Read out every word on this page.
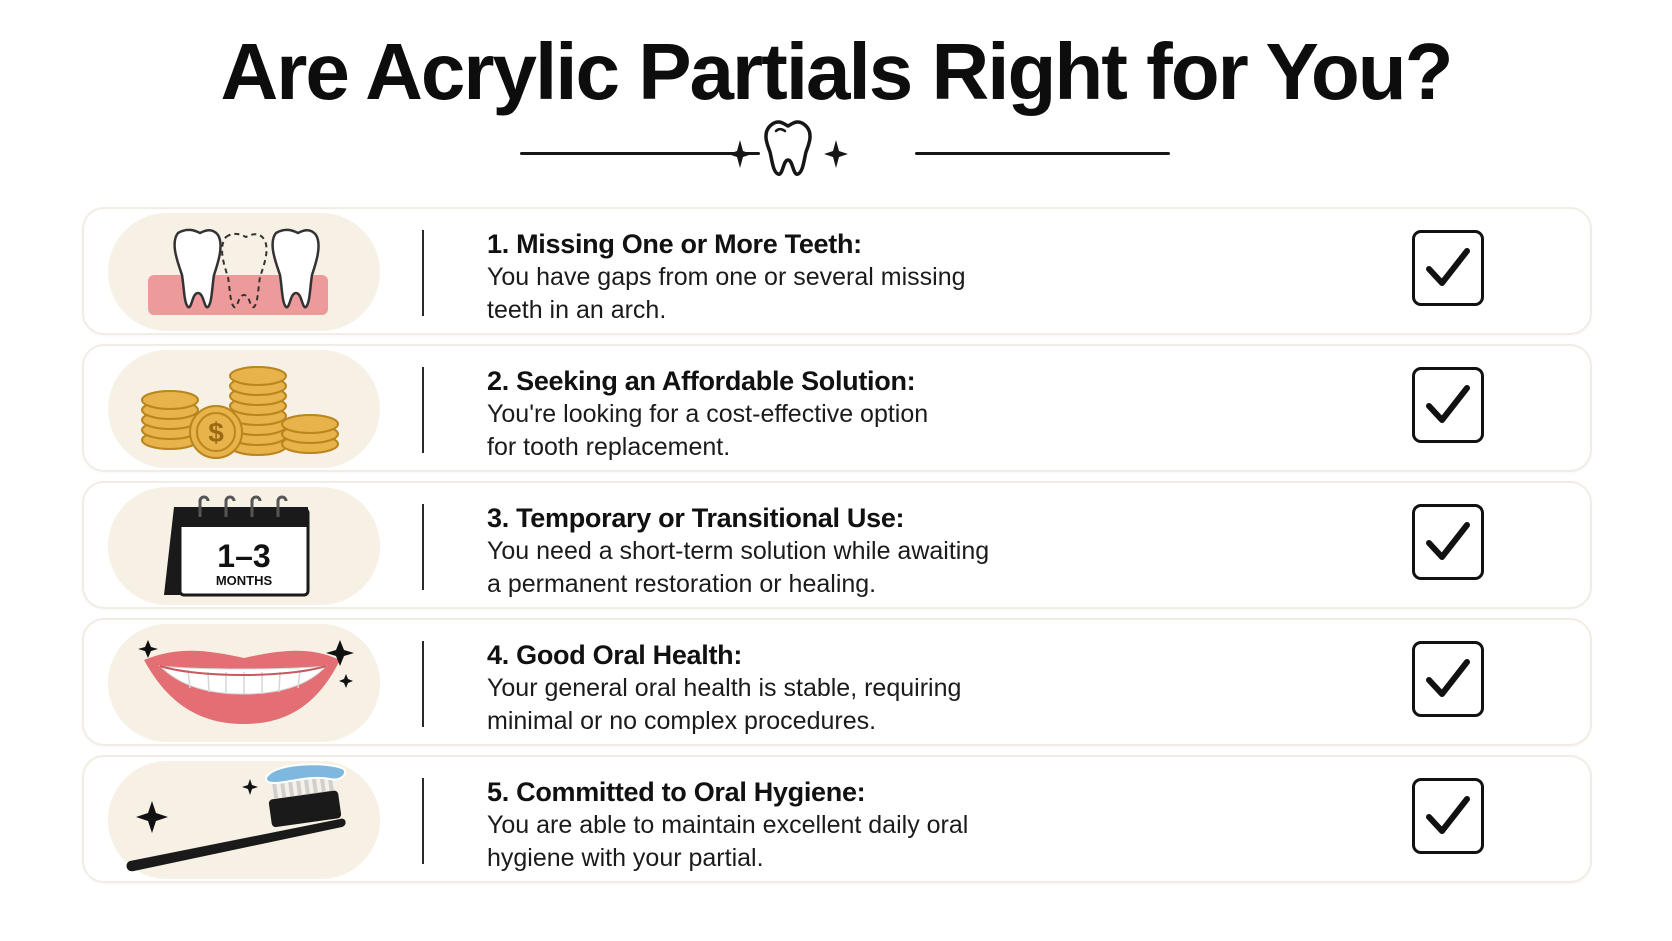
Are Acrylic Partials Right for You?

1. Missing One or More Teeth:

You have gaps from one or several missing

teeth in an arch.

$

2. Seeking an Affordable Solution:

You're looking for a cost-effective option

for tooth replacement.

1–3
MONTHS

3. Temporary or Transitional Use:

You need a short-term solution while awaiting

a permanent restoration or healing.

4. Good Oral Health:

Your general oral health is stable, requiring

minimal or no complex procedures.

5. Committed to Oral Hygiene:

You are able to maintain excellent daily oral

hygiene with your partial.
